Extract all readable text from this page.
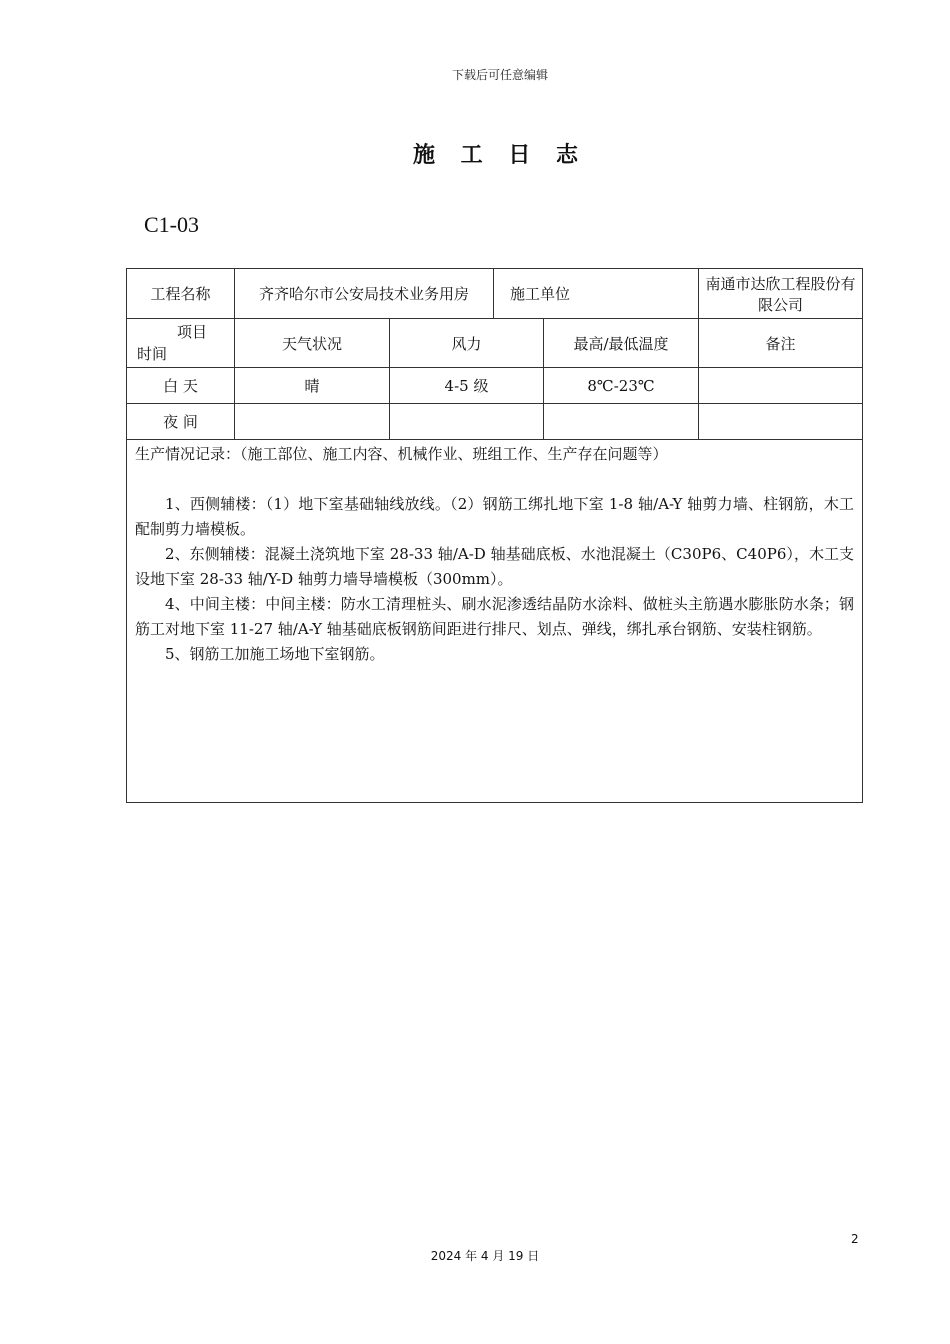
下载后可任意编辑
施 工 日 志
C1-03
工程名称	齐齐哈尔市公安局技术业务用房		施工单位		南通市达欣工程股份有限公司

项目
时间	天气状况	风力		最高/最低温度	备注
白 天	晴	4-5 级		8℃-23℃	
夜 间					

生产情况记录：（施工部位、施工内容、机械作业、班组工作、生产存在问题等）

1、西侧辅楼：（1）地下室基础轴线放线。（2）钢筋工绑扎地下室 1-8 轴/A-Y 轴剪力墙、柱钢筋，木工配制剪力墙模板。

2、东侧辅楼：混凝土浇筑地下室 28-33 轴/A-D 轴基础底板、水池混凝土（C30P6、C40P6），木工支设地下室 28-33 轴/Y-D 轴剪力墙导墙模板（300mm）。

4、中间主楼：中间主楼：防水工清理桩头、刷水泥渗透结晶防水涂料、做桩头主筋遇水膨胀防水条；钢筋工对地下室 11-27 轴/A-Y 轴基础底板钢筋间距进行排尺、划点、弹线，绑扎承台钢筋、安装柱钢筋。

5、钢筋工加施工场地下室钢筋。					

2
2024 年 4 月 19 日
